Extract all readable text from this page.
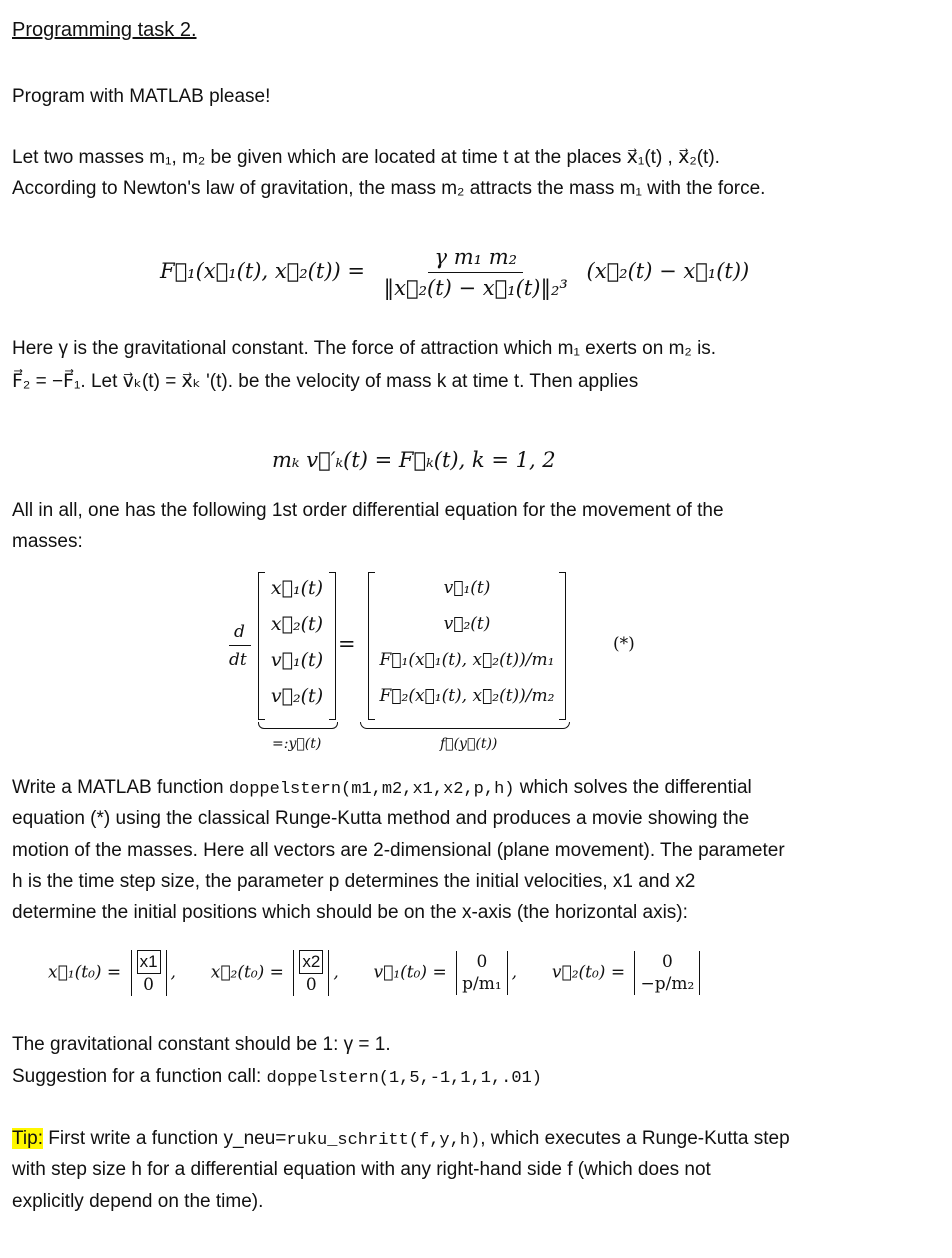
Programming task 2.
Program with MATLAB please!
Let two masses m₁, m₂ be given which are located at time t at the places x⃗₁(t) , x⃗₂(t).
According to Newton's law of gravitation, the mass m₂ attracts the mass m₁ with the force.
F⃗₁(x⃗₁(t), x⃗₂(t)) = $\frac{\text{γ m₁ m₂}}{\text{‖x⃗₂(t) − x⃗₁(t)‖₂³}}$ (x⃗₂(t) − x⃗₁(t))
Here γ is the gravitational constant. The force of attraction which m₁ exerts on m₂ is.
F⃗₂ = −F⃗₁. Let v⃗ₖ(t) = x⃗ₖ '(t). be the velocity of mass k at time t. Then applies
mₖ v⃗′ₖ(t) = F⃗ₖ(t), k = 1, 2
All in all, one has the following 1st order differential equation for the movement of the
masses:
d
dt
x⃗₁(t)
x⃗₂(t)
v⃗₁(t)
v⃗₂(t)
=:y⃗(t)
=
v⃗₁(t)
v⃗₂(t)
F⃗₁(x⃗₁(t), x⃗₂(t))/m₁
F⃗₂(x⃗₁(t), x⃗₂(t))/m₂
f⃗(y⃗(t))
(*)
Write a MATLAB function doppelstern(m1,m2,x1,x2,p,h) which solves the differential
equation (*) using the classical Runge-Kutta method and produces a movie showing the
motion of the masses. Here all vectors are 2-dimensional (plane movement). The parameter
h is the time step size, the parameter p determines the initial velocities, x1 and x2
determine the initial positions which should be on the x-axis (the horizontal axis):
x⃗₁(t₀) = $\frac{x1}{0}$ , x⃗₂(t₀) = $\frac{x2}{0}$ , v⃗₁(t₀) =
0
p/m₁
, v⃗₂(t₀) =
0
−p/m₂
The gravitational constant should be 1: γ = 1.
Suggestion for a function call: doppelstern(1,5,-1,1,1,.01)
Tip: First write a function y_neu=ruku_schritt(f,y,h), which executes a Runge-Kutta step
with step size h for a differential equation with any right-hand side f (which does not
explicitly depend on the time).
